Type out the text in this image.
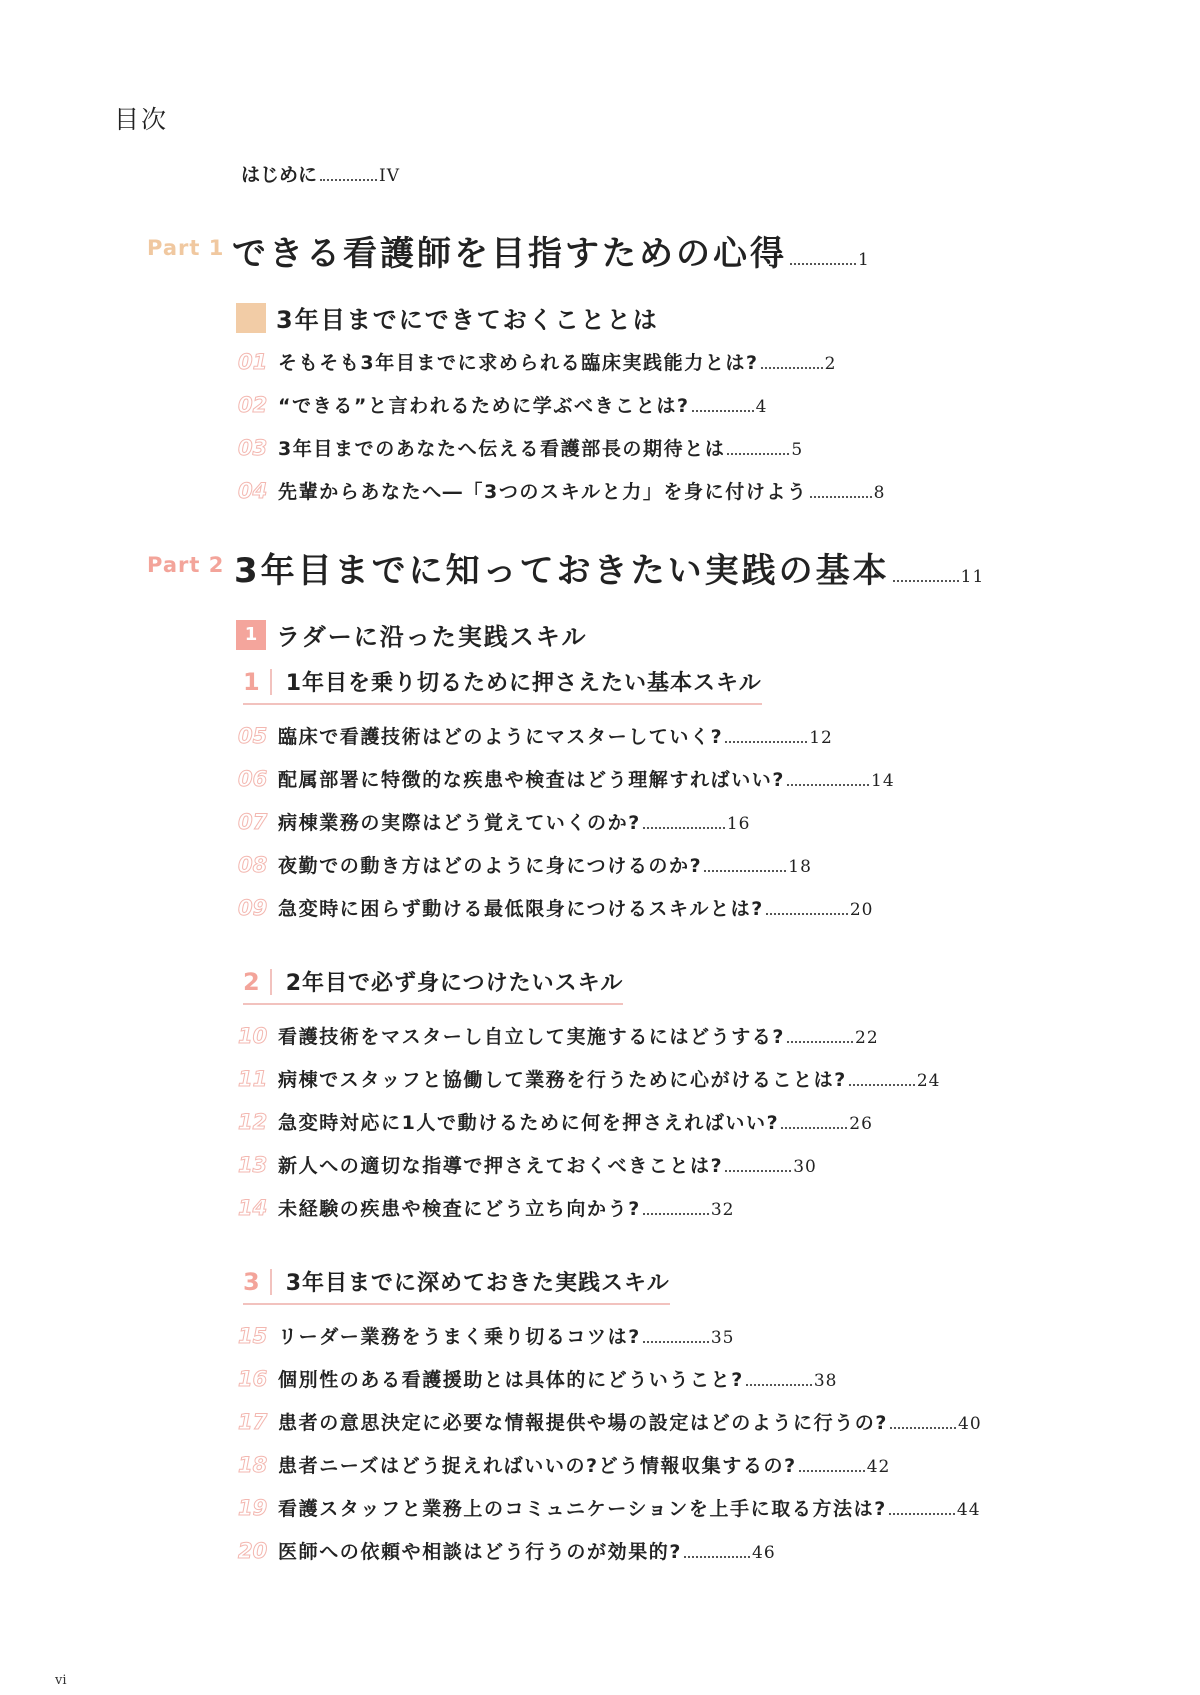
目次
はじめに	IV
Part 1 できる看護師を目指すための心得	1
3年目までにできておくこととは
01 そもそも3年目までに求められる臨床実践能力とは?	2
02 “できる”と言われるために学ぶべきことは?	4
03 3年目までのあなたへ伝える看護部長の期待とは	5
04 先輩からあなたへ―「3つのスキルと力」を身に付けよう	8
Part 2 3年目までに知っておきたい実践の基本	11
1 ラダーに沿った実践スキル
1	1年目を乗り切るために押さえたい基本スキル
05 臨床で看護技術はどのようにマスターしていく?	12
06 配属部署に特徴的な疾患や検査はどう理解すればいい?	14
07 病棟業務の実際はどう覚えていくのか?	16
08 夜勤での動き方はどのように身につけるのか?	18
09 急変時に困らず動ける最低限身につけるスキルとは?	20
2	2年目で必ず身につけたいスキル
10 看護技術をマスターし自立して実施するにはどうする?	22
11 病棟でスタッフと協働して業務を行うために心がけることは?	24
12 急変時対応に1人で動けるために何を押さえればいい?	26
13 新人への適切な指導で押さえておくべきことは?	30
14 未経験の疾患や検査にどう立ち向かう?	32
3	3年目までに深めておきた実践スキル
15 リーダー業務をうまく乗り切るコツは?	35
16 個別性のある看護援助とは具体的にどういうこと?	38
17 患者の意思決定に必要な情報提供や場の設定はどのように行うの?	40
18 患者ニーズはどう捉えればいいの?どう情報収集するの?	42
19 看護スタッフと業務上のコミュニケーションを上手に取る方法は?	44
20 医師への依頼や相談はどう行うのが効果的?	46
vi
